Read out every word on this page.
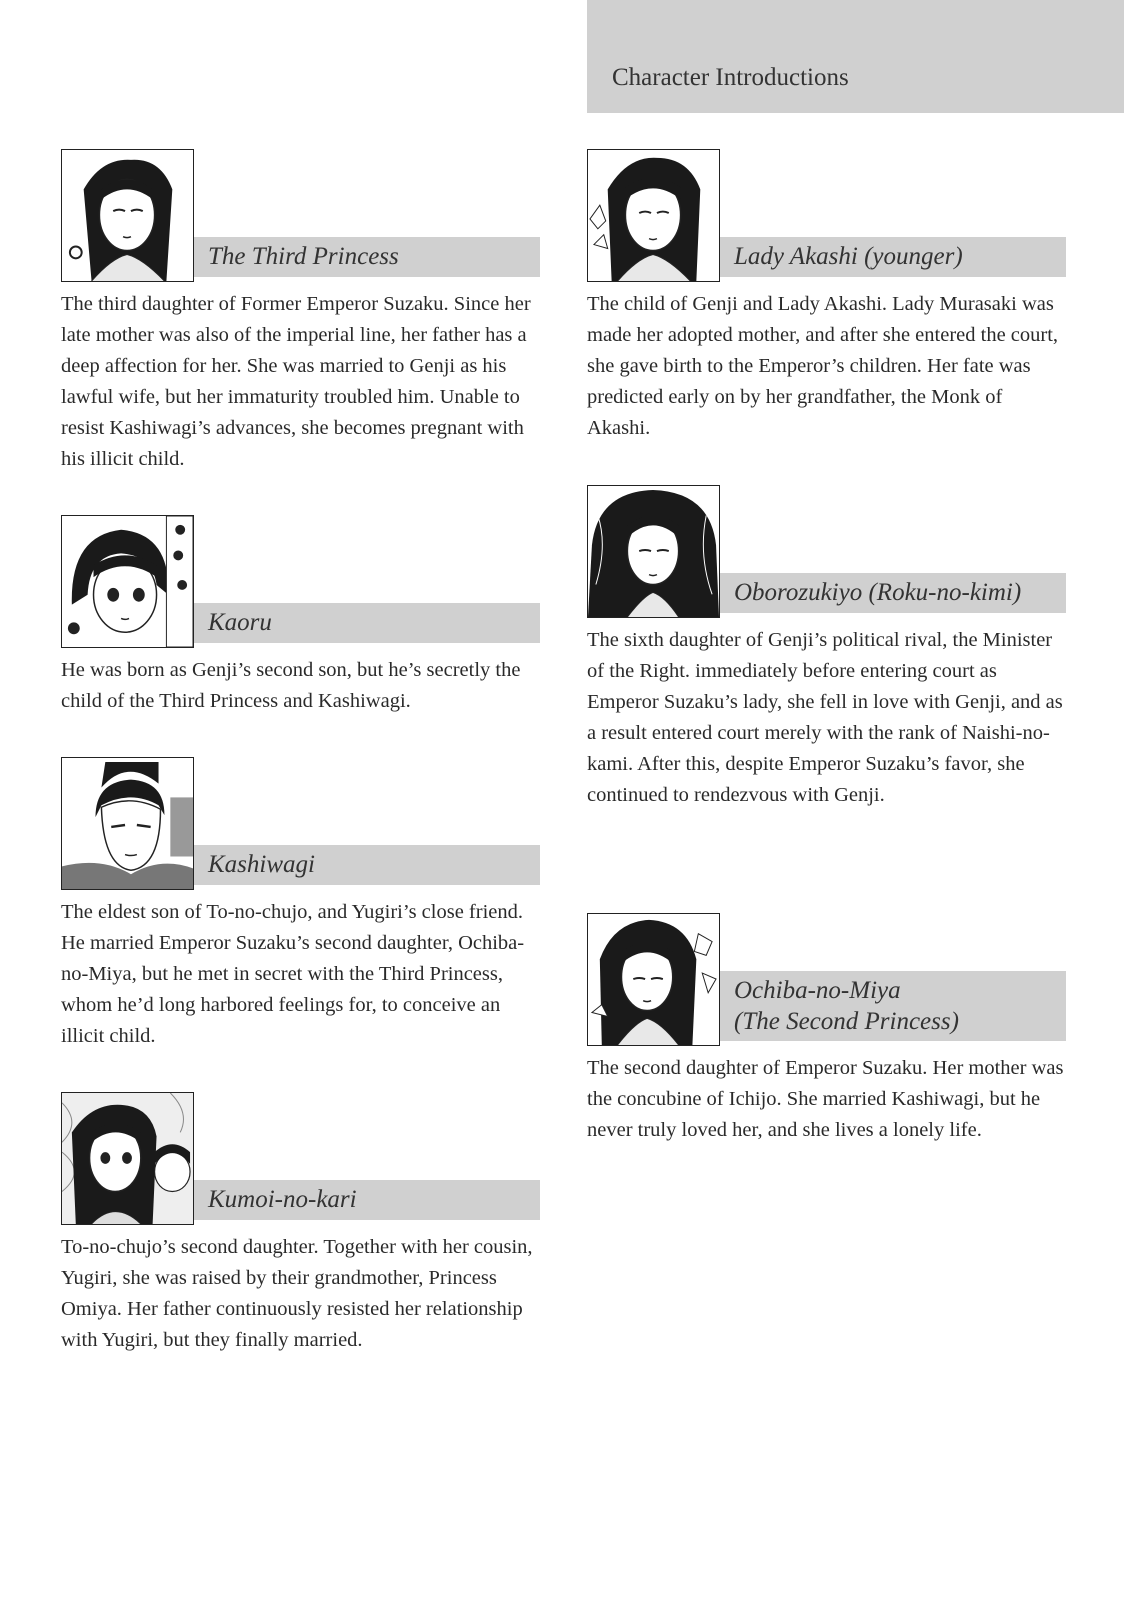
Character Introductions
The Third Princess

The third daughter of Former Emperor Suzaku. Since her late mother was also of the imperial line, her father has a deep affection for her. She was married to Genji as his lawful wife, but her immaturity troubled him. Unable to resist Kashiwagi’s advances, she becomes pregnant with his illicit child.

Kaoru

He was born as Genji’s second son, but he’s secretly the child of the Third Princess and Kashiwagi.

Kashiwagi

The eldest son of To-no-chujo, and Yugiri’s close friend. He married Emperor Suzaku’s second daughter, Ochiba-no-Miya, but he met in secret with the Third Princess, whom he’d long harbored feelings for, to conceive an illicit child.

Kumoi-no-kari

To-no-chujo’s second daughter. Together with her cousin, Yugiri, she was raised by their grandmother, Princess Omiya. Her father continuously resisted her relationship with Yugiri, but they finally married.

Lady Akashi (younger)

The child of Genji and Lady Akashi. Lady Murasaki was made her adopted mother, and after she entered the court, she gave birth to the Emperor’s children. Her fate was predicted early on by her grandfather, the Monk of Akashi.

Oborozukiyo (Roku-no-kimi)

The sixth daughter of Genji’s political rival, the Minister of the Right. immediately before entering court as Emperor Suzaku’s lady, she fell in love with Genji, and as a result entered court merely with the rank of Naishi-no-kami. After this, despite Emperor Suzaku’s favor, she continued to rendezvous with Genji.

Ochiba-no-Miya
(The Second Princess)

The second daughter of Emperor Suzaku. Her mother was the concubine of Ichijo. She married Kashiwagi, but he never truly loved her, and she lives a lonely life.
